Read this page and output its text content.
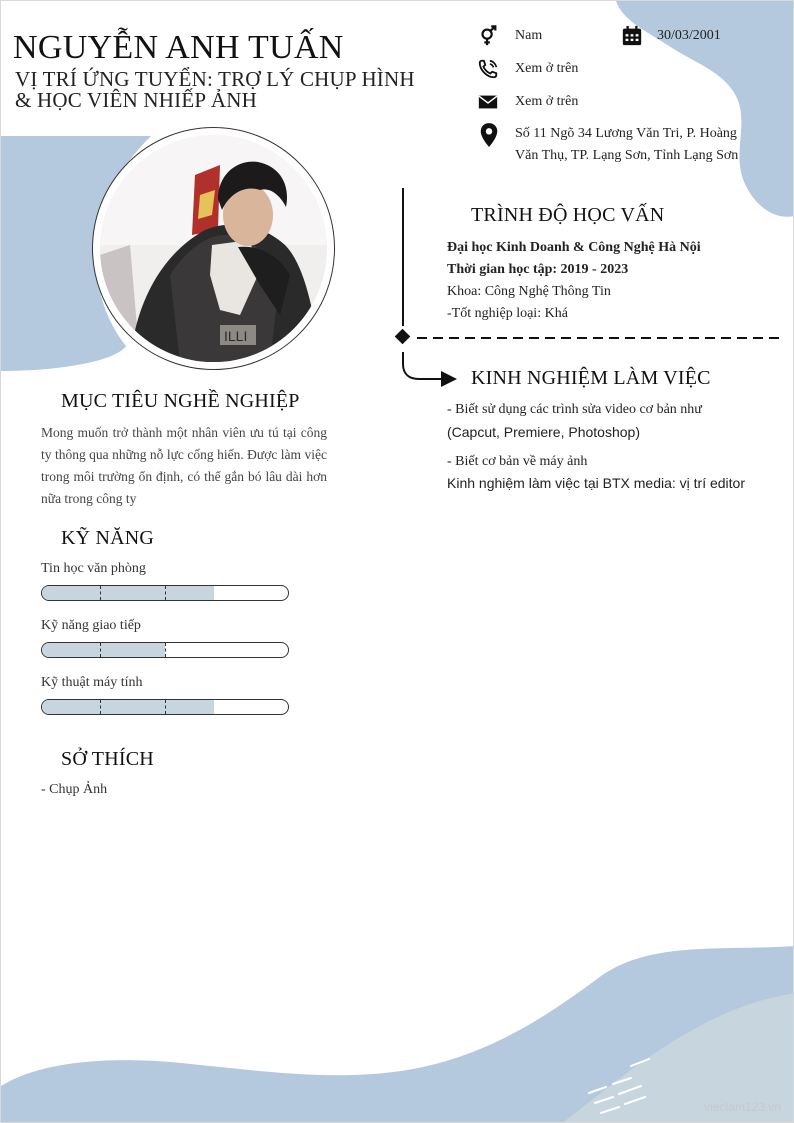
NGUYỄN ANH TUẤN
VỊ TRÍ ỨNG TUYỂN: TRỢ LÝ CHỤP HÌNH
& HỌC VIÊN NHIẾP ẢNH
Nam	30/03/2001
Xem ở trên
Xem ở trên
Số 11 Ngõ 34 Lương Văn Tri, P. Hoàng
Văn Thụ, TP. Lạng Sơn, Tỉnh Lạng Sơn
ILLI
MỤC TIÊU NGHỀ NGHIỆP
Mong muốn trở thành một nhân viên ưu tú tại công ty thông qua những nỗ lực cống hiến. Được làm việc trong môi trường ổn định, có thể gắn bó lâu dài hơn nữa trong công ty
KỸ NĂNG
Tin học văn phòng
Kỹ năng giao tiếp
Kỹ thuật máy tính
SỞ THÍCH
- Chụp Ảnh
TRÌNH ĐỘ HỌC VẤN
Đại học Kinh Doanh & Công Nghệ Hà Nội
Thời gian học tập: 2019 - 2023
Khoa: Công Nghệ Thông Tin
-Tốt nghiệp loại: Khá
KINH NGHIỆM LÀM VIỆC
- Biết sử dụng các trình sửa video cơ bản như
(Capcut, Premiere, Photoshop)
- Biết cơ bản về máy ảnh
Kinh nghiệm làm việc tại BTX media: vị trí editor
vieclam123.vn
